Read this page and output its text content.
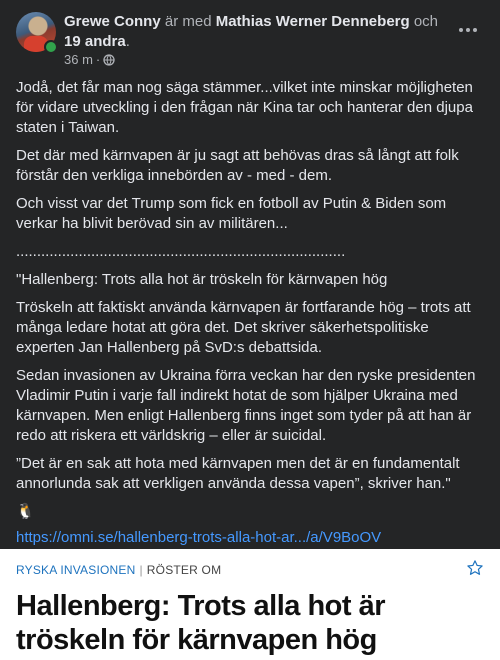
Grewe Conny är med Mathias Werner Denneberg och 19 andra.
36 m ·

Jodå, det får man nog säga stämmer...vilket inte minskar möjligheten för vidare utveckling i den frågan när Kina tar och hanterar den djupa staten i Taiwan.

Det där med kärnvapen är ju sagt att behövas dras så långt att folk förstår den verkliga innebörden av - med - dem.

Och visst var det Trump som fick en fotboll av Putin & Biden som verkar ha blivit berövad sin av militären...

...............................................................................

"Hallenberg: Trots alla hot är tröskeln för kärnvapen hög

Tröskeln att faktiskt använda kärnvapen är fortfarande hög – trots att många ledare hotat att göra det. Det skriver säkerhetspolitiske experten Jan Hallenberg på SvD:s debattsida.

Sedan invasionen av Ukraina förra veckan har den ryske presidenten Vladimir Putin i varje fall indirekt hotat de som hjälper Ukraina med kärnvapen. Men enligt Hallenberg finns inget som tyder på att han är redo att riskera ett världskrig – eller är suicidal.

”Det är en sak att hota med kärnvapen men det är en fundamentalt annorlunda sak att verkligen använda dessa vapen”, skriver han."

🐧
https://omni.se/hallenberg-trots-alla-hot-ar.../a/V9BoOV
RYSKA INVASIONEN | RÖSTER OM
Hallenberg: Trots alla hot är tröskeln för kärnvapen hög
